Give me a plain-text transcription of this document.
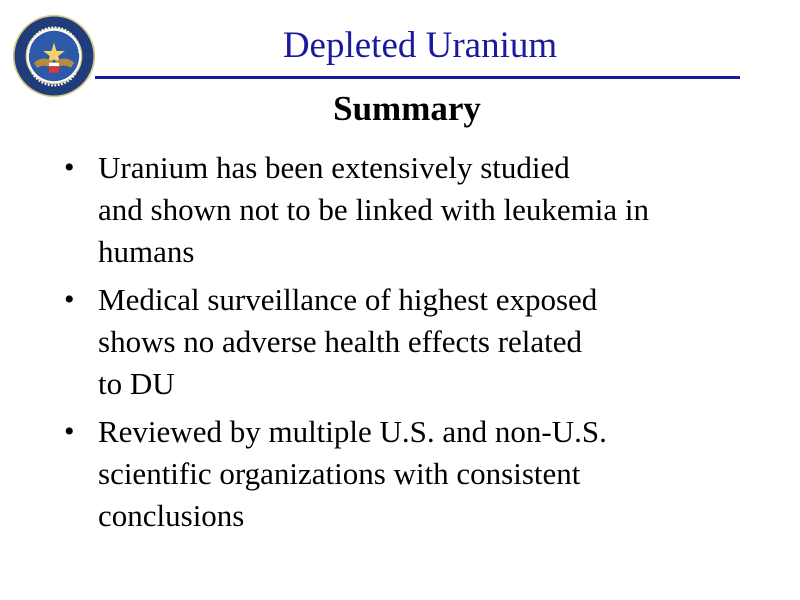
Depleted Uranium
Summary
• Uranium has been extensively studied
and shown not to be linked with leukemia in
humans
• Medical surveillance of highest exposed
shows no adverse health effects related
to DU
• Reviewed by multiple U.S. and non-U.S.
scientific organizations with consistent
conclusions
